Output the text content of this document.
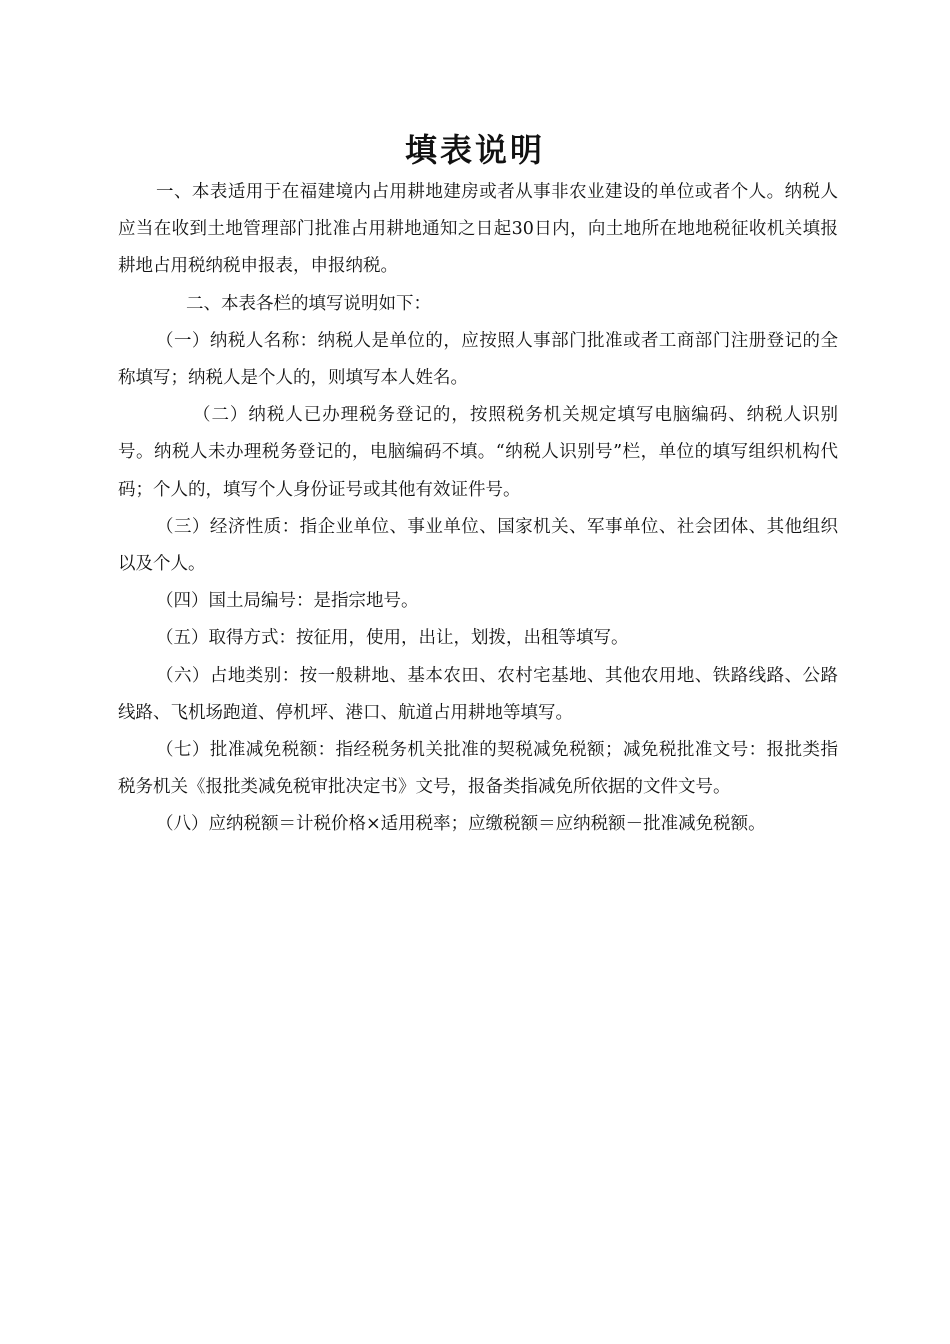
填表说明

一、本表适用于在福建境内占用耕地建房或者从事非农业建设的单位或者个人。纳税人应当在收到土地管理部门批准占用耕地通知之日起30日内，向土地所在地地税征收机关填报耕地占用税纳税申报表，申报纳税。

二、本表各栏的填写说明如下：

（一）纳税人名称：纳税人是单位的，应按照人事部门批准或者工商部门注册登记的全称填写；纳税人是个人的，则填写本人姓名。

（二）纳税人已办理税务登记的，按照税务机关规定填写电脑编码、纳税人识别号。纳税人未办理税务登记的，电脑编码不填。“纳税人识别号”栏，单位的填写组织机构代码；个人的，填写个人身份证号或其他有效证件号。

（三）经济性质：指企业单位、事业单位、国家机关、军事单位、社会团体、其他组织以及个人。

（四）国土局编号：是指宗地号。

（五）取得方式：按征用，使用，出让，划拨，出租等填写。

（六）占地类别：按一般耕地、基本农田、农村宅基地、其他农用地、铁路线路、公路线路、飞机场跑道、停机坪、港口、航道占用耕地等填写。

（七）批准减免税额：指经税务机关批准的契税减免税额；减免税批准文号：报批类指税务机关《报批类减免税审批决定书》文号，报备类指减免所依据的文件文号。

（八）应纳税额＝计税价格×适用税率；应缴税额＝应纳税额－批准减免税额。
